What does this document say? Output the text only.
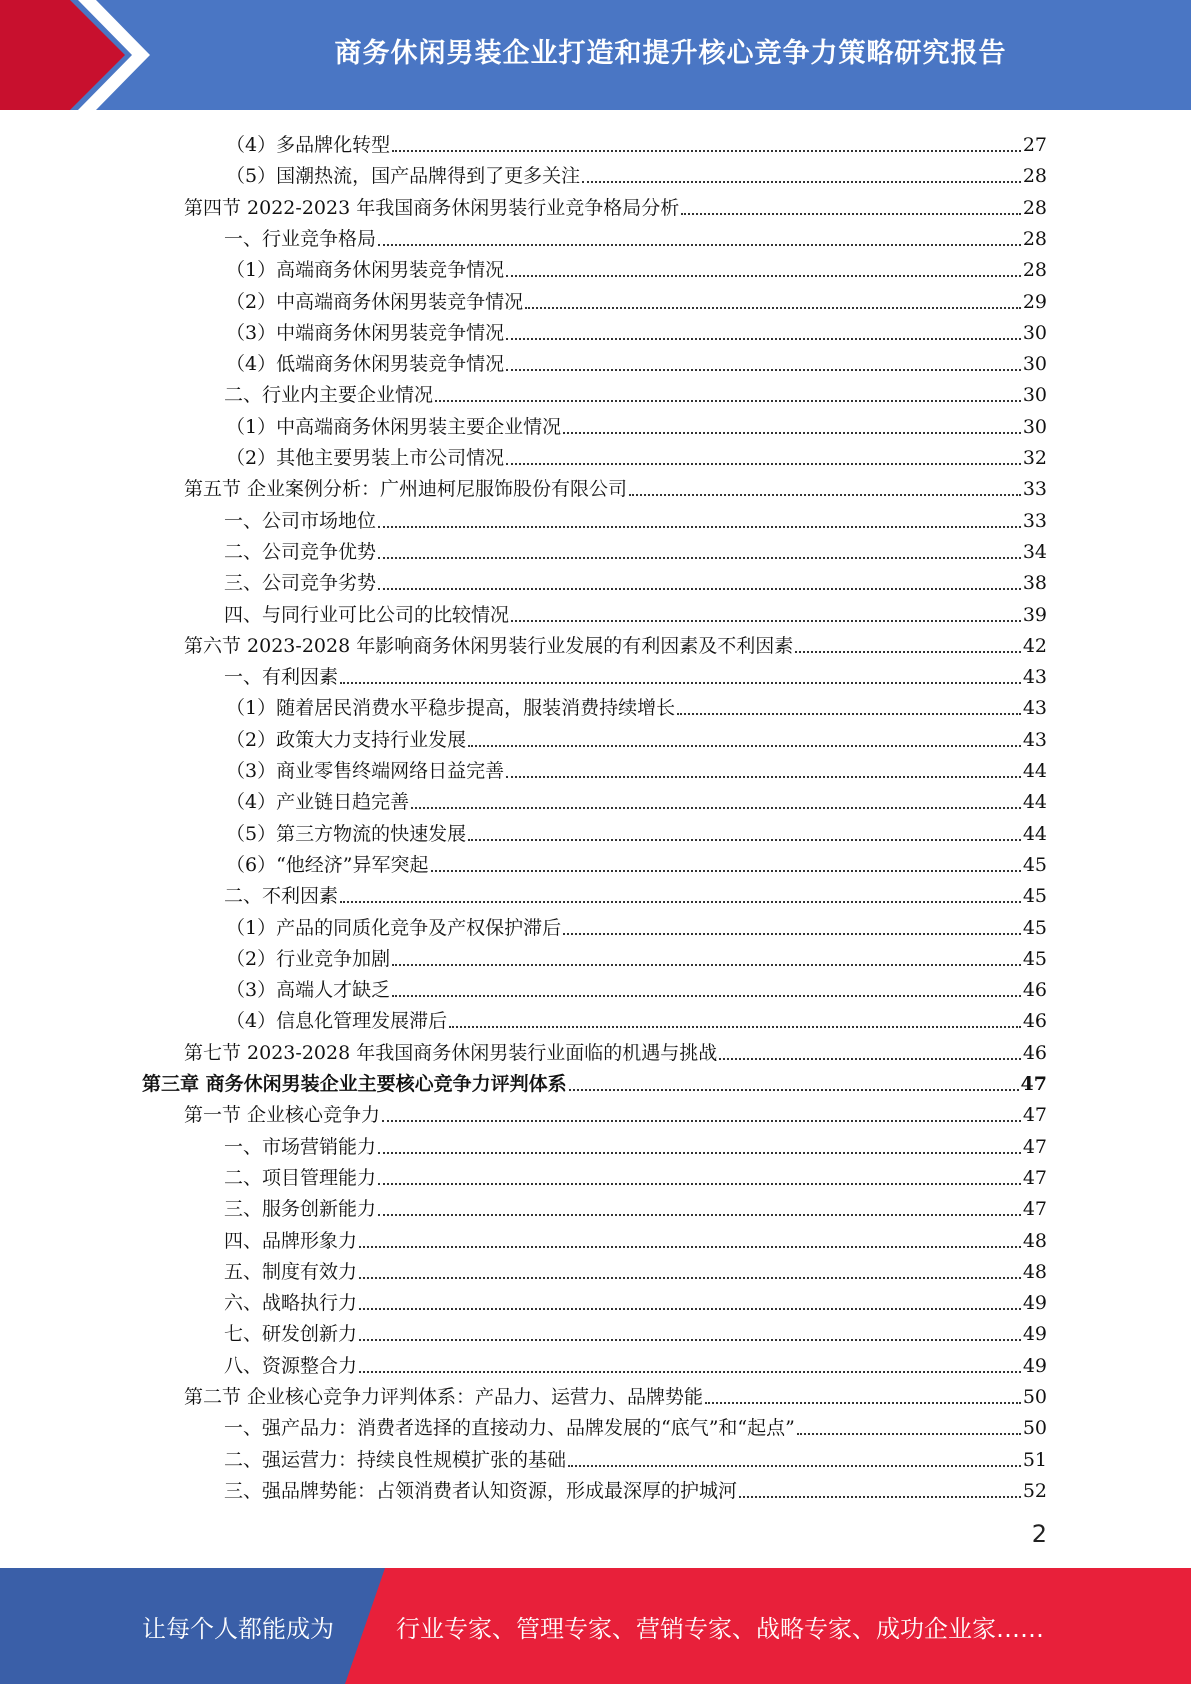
商务休闲男装企业打造和提升核心竞争力策略研究报告
（4）多品牌化转型	27
（5）国潮热流，国产品牌得到了更多关注	28
第四节 2022-2023 年我国商务休闲男装行业竞争格局分析	28
一、行业竞争格局	28
（1）高端商务休闲男装竞争情况	28
（2）中高端商务休闲男装竞争情况	29
（3）中端商务休闲男装竞争情况	30
（4）低端商务休闲男装竞争情况	30
二、行业内主要企业情况	30
（1）中高端商务休闲男装主要企业情况	30
（2）其他主要男装上市公司情况	32
第五节 企业案例分析：广州迪柯尼服饰股份有限公司	33
一、公司市场地位	33
二、公司竞争优势	34
三、公司竞争劣势	38
四、与同行业可比公司的比较情况	39
第六节 2023-2028 年影响商务休闲男装行业发展的有利因素及不利因素	42
一、有利因素	43
（1）随着居民消费水平稳步提高，服装消费持续增长	43
（2）政策大力支持行业发展	43
（3）商业零售终端网络日益完善	44
（4）产业链日趋完善	44
（5）第三方物流的快速发展	44
（6）“他经济”异军突起	45
二、不利因素	45
（1）产品的同质化竞争及产权保护滞后	45
（2）行业竞争加剧	45
（3）高端人才缺乏	46
（4）信息化管理发展滞后	46
第七节 2023-2028 年我国商务休闲男装行业面临的机遇与挑战	46
第三章 商务休闲男装企业主要核心竞争力评判体系	47
第一节 企业核心竞争力	47
一、市场营销能力	47
二、项目管理能力	47
三、服务创新能力	47
四、品牌形象力	48
五、制度有效力	48
六、战略执行力	49
七、研发创新力	49
八、资源整合力	49
第二节 企业核心竞争力评判体系：产品力、运营力、品牌势能	50
一、强产品力：消费者选择的直接动力、品牌发展的“底气”和“起点”	50
二、强运营力：持续良性规模扩张的基础	51
三、强品牌势能：占领消费者认知资源，形成最深厚的护城河	52
2
让每个人都能成为	行业专家、管理专家、营销专家、战略专家、成功企业家……
